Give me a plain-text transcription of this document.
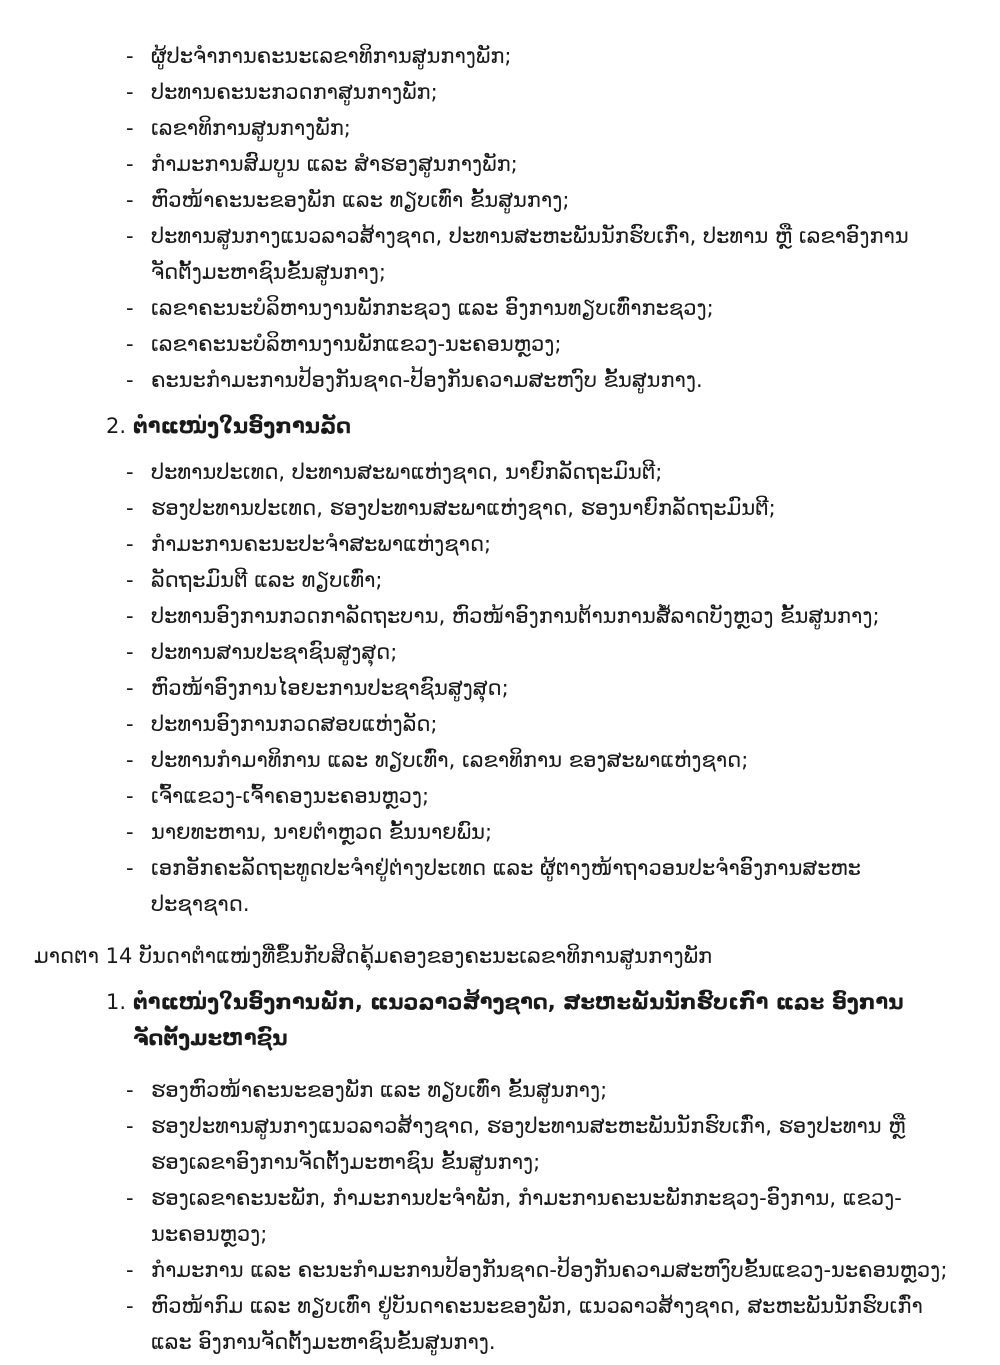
- ຜູ້ປະຈໍາການຄະນະເລຂາທິການສູນກາງພັກ;
- ປະທານຄະນະກວດກາສູນກາງພັກ;
- ເລຂາທິການສູນກາງພັກ;
- ກໍາມະການສົມບູນ ແລະ ສໍາຮອງສູນກາງພັກ;
- ຫົວໜ້າຄະນະຂອງພັກ ແລະ ທຽບເທົ່າ ຂັ້ນສູນກາງ;
- ປະທານສູນກາງແນວລາວສ້າງຊາດ, ປະທານສະຫະພັນນັກຮົບເກົ່າ, ປະທານ ຫຼື ເລຂາອົງການຈັດຕັ້ງມະຫາຊົນຂັ້ນສູນກາງ;
- ເລຂາຄະນະບໍລິຫານງານພັກກະຊວງ ແລະ ອົງການທຽບເທົ່າກະຊວງ;
- ເລຂາຄະນະບໍລິຫານງານພັກແຂວງ-ນະຄອນຫຼວງ;
- ຄະນະກໍາມະການປ້ອງກັນຊາດ-ປ້ອງກັນຄວາມສະຫງົບ ຂັ້ນສູນກາງ.
2. ຕໍາແໜ່ງໃນອົງການລັດ
- ປະທານປະເທດ, ປະທານສະພາແຫ່ງຊາດ, ນາຍົກລັດຖະມົນຕີ;
- ຮອງປະທານປະເທດ, ຮອງປະທານສະພາແຫ່ງຊາດ, ຮອງນາຍົກລັດຖະມົນຕີ;
- ກໍາມະການຄະນະປະຈໍາສະພາແຫ່ງຊາດ;
- ລັດຖະມົນຕີ ແລະ ທຽບເທົ່າ;
- ປະທານອົງການກວດກາລັດຖະບານ, ຫົວໜ້າອົງການຕ້ານການສໍ້ລາດບັງຫຼວງ ຂັ້ນສູນກາງ;
- ປະທານສານປະຊາຊົນສູງສຸດ;
- ຫົວໜ້າອົງການໄອຍະການປະຊາຊົນສູງສຸດ;
- ປະທານອົງການກວດສອບແຫ່ງລັດ;
- ປະທານກໍາມາທິການ ແລະ ທຽບເທົ່າ, ເລຂາທິການ ຂອງສະພາແຫ່ງຊາດ;
- ເຈົ້າແຂວງ-ເຈົ້າຄອງນະຄອນຫຼວງ;
- ນາຍທະຫານ, ນາຍຕໍາຫຼວດ ຂັ້ນນາຍພົນ;
- ເອກອັກຄະລັດຖະທູດປະຈໍາຢູ່ຕ່າງປະເທດ ແລະ ຜູ້ຕາງໜ້າຖາວອນປະຈໍາອົງການສະຫະປະຊາຊາດ.
ມາດຕາ 14 ບັນດາຕໍາແໜ່ງທີ່ຂຶ້ນກັບສິດຄຸ້ມຄອງຂອງຄະນະເລຂາທິການສູນກາງພັກ
1. ຕໍາແໜ່ງໃນອົງການພັກ, ແນວລາວສ້າງຊາດ, ສະຫະພັນນັກຮົບເກົ່າ ແລະ ອົງການຈັດຕັ້ງມະຫາຊົນ
- ຮອງຫົວໜ້າຄະນະຂອງພັກ ແລະ ທຽບເທົ່າ ຂັ້ນສູນກາງ;
- ຮອງປະທານສູນກາງແນວລາວສ້າງຊາດ, ຮອງປະທານສະຫະພັນນັກຮົບເກົ່າ, ຮອງປະທານ ຫຼື ຮອງເລຂາອົງການຈັດຕັ້ງມະຫາຊົນ ຂັ້ນສູນກາງ;
- ຮອງເລຂາຄະນະພັກ, ກໍາມະການປະຈໍາພັກ, ກໍາມະການຄະນະພັກກະຊວງ-ອົງການ, ແຂວງ-ນະຄອນຫຼວງ;
- ກໍາມະການ ແລະ ຄະນະກໍາມະການປ້ອງກັນຊາດ-ປ້ອງກັນຄວາມສະຫງົບຂັ້ນແຂວງ-ນະຄອນຫຼວງ;
- ຫົວໜ້າກົມ ແລະ ທຽບເທົ່າ ຢູ່ບັນດາຄະນະຂອງພັກ, ແນວລາວສ້າງຊາດ, ສະຫະພັນນັກຮົບເກົ່າ ແລະ ອົງການຈັດຕັ້ງມະຫາຊົນຂັ້ນສູນກາງ.
